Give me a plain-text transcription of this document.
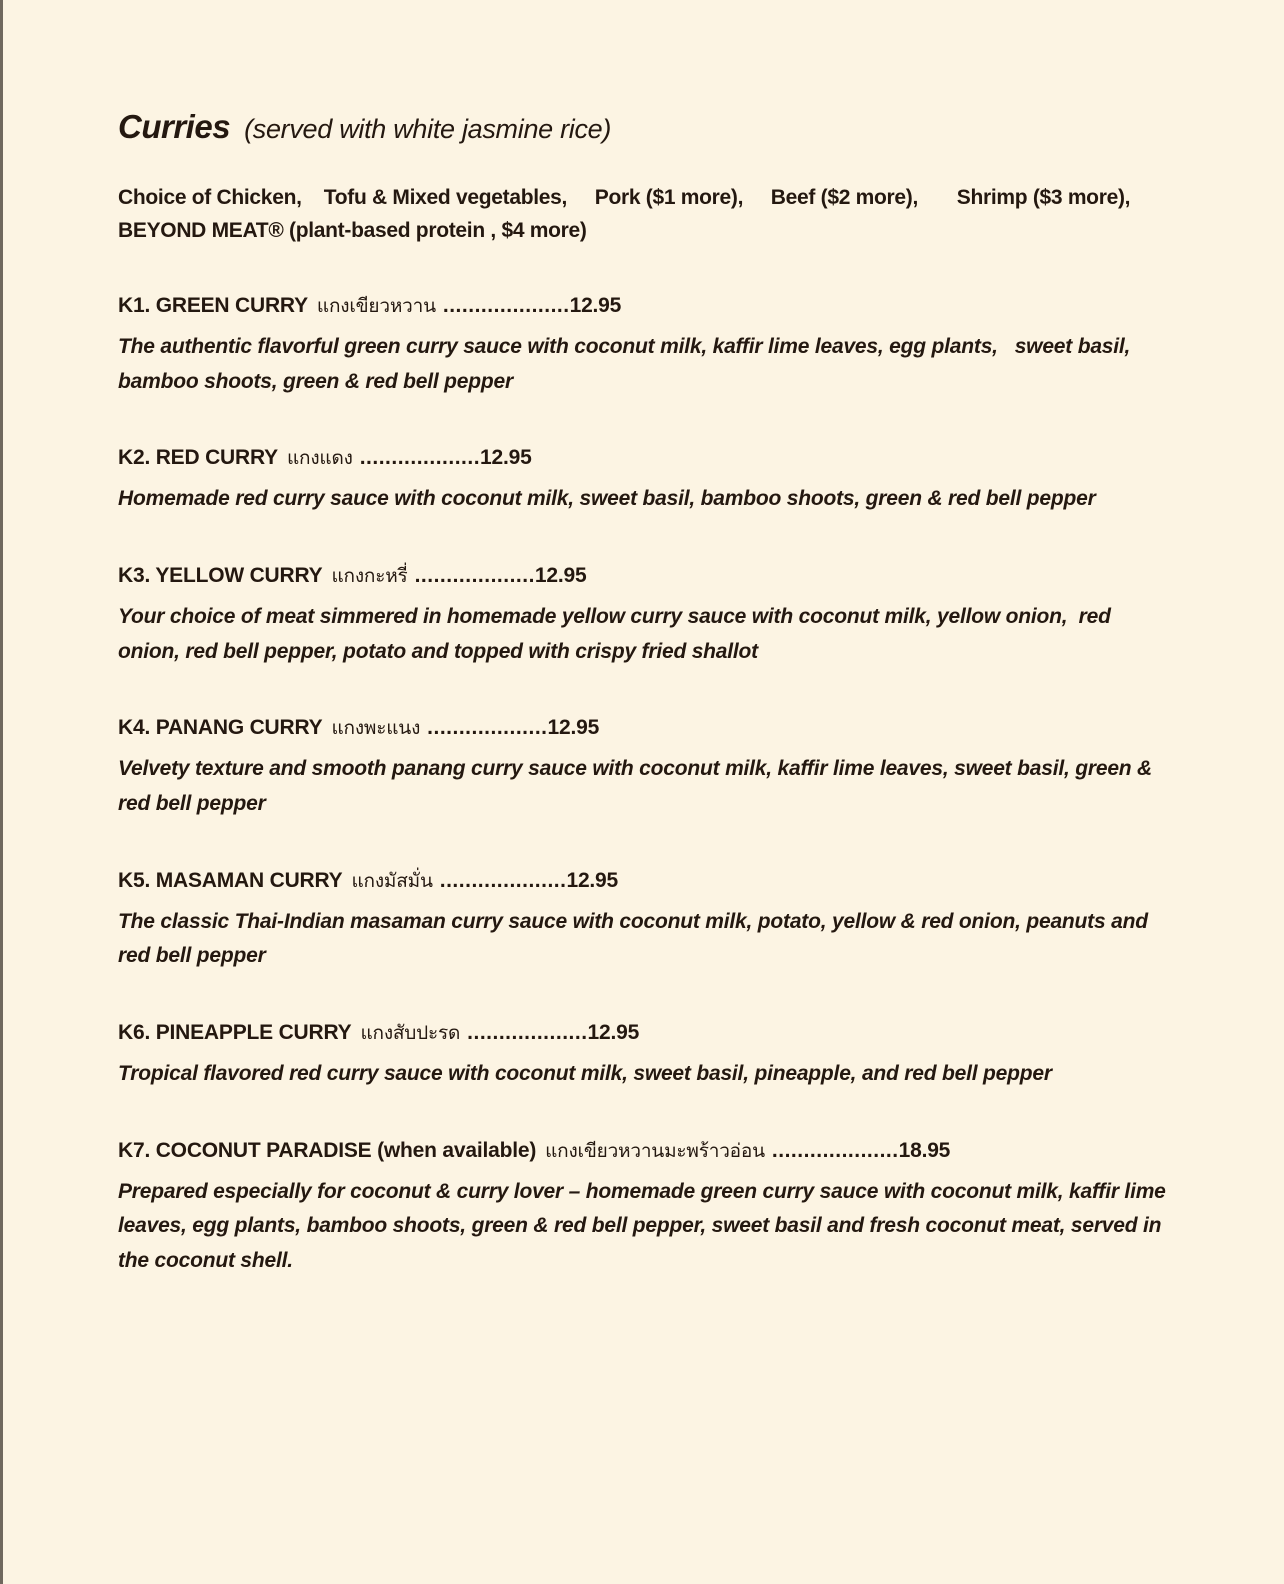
Curries (served with white jasmine rice)
Choice of Chicken,    Tofu & Mixed vegetables,     Pork ($1 more),     Beef ($2 more),       Shrimp ($3 more),   BEYOND MEAT® (plant-based protein , $4 more)
K1. GREEN CURRY แกงเขียวหวาน ....................12.95

The authentic flavorful green curry sauce with coconut milk, kaffir lime leaves, egg plants,   sweet basil, bamboo shoots, green & red bell pepper

K2. RED CURRY แกงแดง ...................12.95

Homemade red curry sauce with coconut milk, sweet basil, bamboo shoots, green & red bell pepper

K3. YELLOW CURRY แกงกะหรี่ ...................12.95

Your choice of meat simmered in homemade yellow curry sauce with coconut milk, yellow onion,  red onion, red bell pepper, potato and topped with crispy fried shallot

K4. PANANG CURRY แกงพะแนง ...................12.95

Velvety texture and smooth panang curry sauce with coconut milk, kaffir lime leaves, sweet basil, green & red bell pepper

K5. MASAMAN CURRY แกงมัสมั่น ....................12.95

The classic Thai-Indian masaman curry sauce with coconut milk, potato, yellow & red onion, peanuts and red bell pepper

K6. PINEAPPLE CURRY แกงสับปะรด ...................12.95

Tropical flavored red curry sauce with coconut milk, sweet basil, pineapple, and red bell pepper

K7. COCONUT PARADISE (when available) แกงเขียวหวานมะพร้าวอ่อน ....................18.95

Prepared especially for coconut & curry lover – homemade green curry sauce with coconut milk, kaffir lime leaves, egg plants, bamboo shoots, green & red bell pepper, sweet basil and fresh coconut meat, served in the coconut shell.
